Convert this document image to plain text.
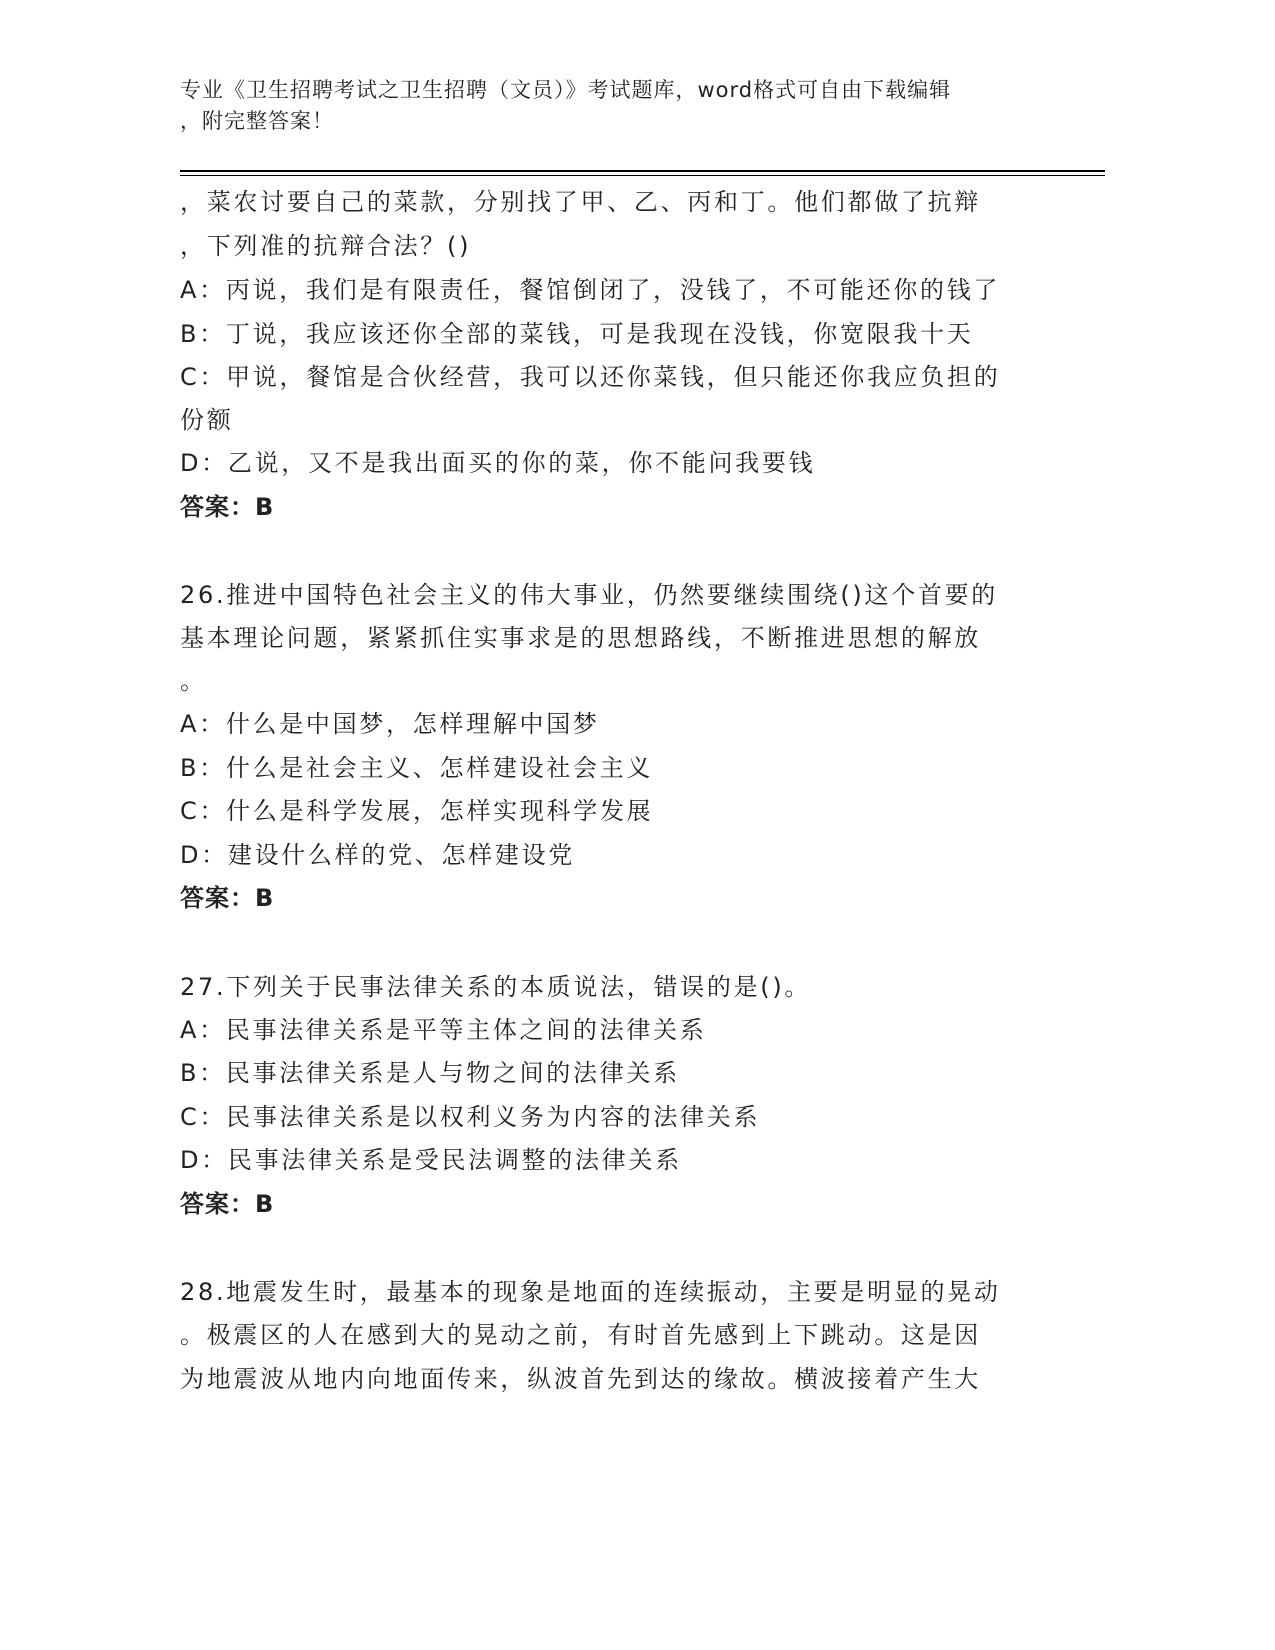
专业《卫生招聘考试之卫生招聘（文员）》考试题库，word格式可自由下载编辑
，附完整答案！
，菜农讨要自己的菜款，分别找了甲、乙、丙和丁。他们都做了抗辩
，下列准的抗辩合法？()
A：丙说，我们是有限责任，餐馆倒闭了，没钱了，不可能还你的钱了
B：丁说，我应该还你全部的菜钱，可是我现在没钱，你宽限我十天
C：甲说，餐馆是合伙经营，我可以还你菜钱，但只能还你我应负担的
份额
D：乙说，又不是我出面买的你的菜，你不能问我要钱
答案：B
26.推进中国特色社会主义的伟大事业，仍然要继续围绕()这个首要的
基本理论问题，紧紧抓住实事求是的思想路线，不断推进思想的解放
。
A：什么是中国梦，怎样理解中国梦
B：什么是社会主义、怎样建设社会主义
C：什么是科学发展，怎样实现科学发展
D：建设什么样的党、怎样建设党
答案：B
27.下列关于民事法律关系的本质说法，错误的是()。
A：民事法律关系是平等主体之间的法律关系
B：民事法律关系是人与物之间的法律关系
C：民事法律关系是以权利义务为内容的法律关系
D：民事法律关系是受民法调整的法律关系
答案：B
28.地震发生时，最基本的现象是地面的连续振动，主要是明显的晃动
。极震区的人在感到大的晃动之前，有时首先感到上下跳动。这是因
为地震波从地内向地面传来，纵波首先到达的缘故。横波接着产生大
